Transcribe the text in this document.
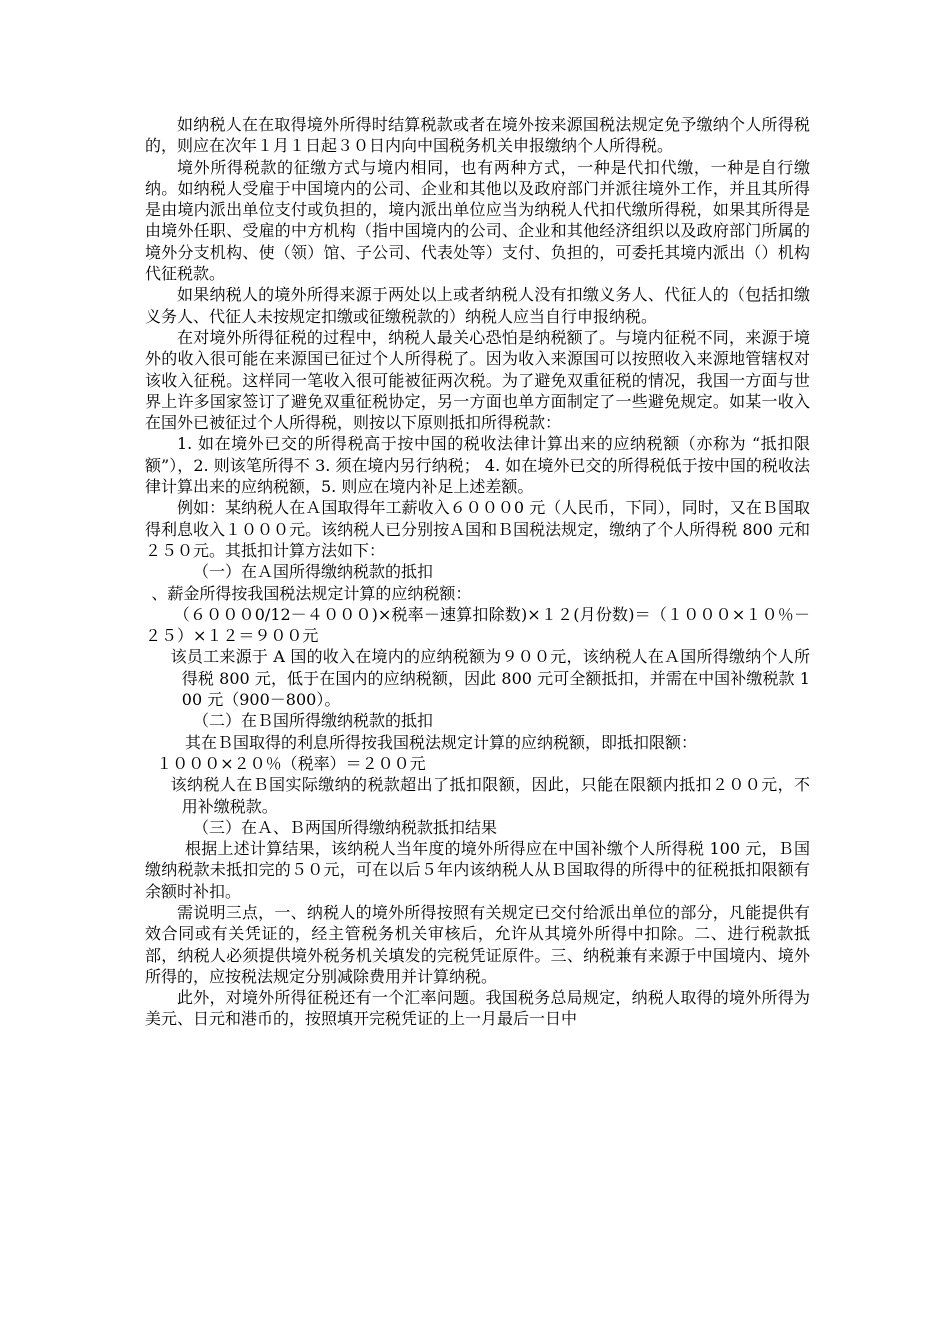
如纳税人在在取得境外所得时结算税款或者在境外按来源国税法规定免予缴纳个人所得税的，则应在次年１月１日起３０日内向中国税务机关申报缴纳个人所得税。

境外所得税款的征缴方式与境内相同，也有两种方式，一种是代扣代缴，一种是自行缴纳。如纳税人受雇于中国境内的公司、企业和其他以及政府部门并派往境外工作，并且其所得是由境内派出单位支付或负担的，境内派出单位应当为纳税人代扣代缴所得税，如果其所得是由境外任职、受雇的中方机构（指中国境内的公司、企业和其他经济组织以及政府部门所属的境外分支机构、使（领）馆、子公司、代表处等）支付、负担的，可委托其境内派出（）机构代征税款。

如果纳税人的境外所得来源于两处以上或者纳税人没有扣缴义务人、代征人的（包括扣缴义务人、代征人未按规定扣缴或征缴税款的）纳税人应当自行申报纳税。

在对境外所得征税的过程中，纳税人最关心恐怕是纳税额了。与境内征税不同，来源于境外的收入很可能在来源国已征过个人所得税了。因为收入来源国可以按照收入来源地管辖权对该收入征税。这样同一笔收入很可能被征两次税。为了避免双重征税的情况，我国一方面与世界上许多国家签订了避免双重征税协定，另一方面也单方面制定了一些避免规定。如某一收入在国外已被征过个人所得税，则按以下原则抵扣所得税款：

1. 如在境外已交的所得税高于按中国的税收法律计算出来的应纳税额（亦称为 “抵扣限额”），2. 则该笔所得不 3. 须在境内另行纳税； 4. 如在境外已交的所得税低于按中国的税收法律计算出来的应纳税额，5. 则应在境内补足上述差额。

例如：某纳税人在Ａ国取得年工薪收入６０００0 元（人民币，下同），同时，又在Ｂ国取得利息收入１０００元。该纳税人已分别按Ａ国和Ｂ国税法规定，缴纳了个人所得税 800 元和２５０元。其抵扣计算方法如下：

（一）在Ａ国所得缴纳税款的抵扣

、薪金所得按我国税法规定计算的应纳税额：

（６０００0/12－４０００)×税率－速算扣除数)×１２(月份数)＝（１０００×１０％－２５）×１２＝９００元

该员工来源于 A 国的收入在境内的应纳税额为９００元，该纳税人在Ａ国所得缴纳个人所得税 800 元，低于在国内的应纳税额，因此 800 元可全额抵扣，并需在中国补缴税款 100 元（900－800）。

（二）在Ｂ国所得缴纳税款的抵扣

其在Ｂ国取得的利息所得按我国税法规定计算的应纳税额，即抵扣限额：

１０００×２０％（税率）＝２００元

该纳税人在Ｂ国实际缴纳的税款超出了抵扣限额，因此，只能在限额内抵扣２００元，不用补缴税款。

（三）在Ａ、Ｂ两国所得缴纳税款抵扣结果

根据上述计算结果，该纳税人当年度的境外所得应在中国补缴个人所得税 100 元，Ｂ国缴纳税款未抵扣完的５０元，可在以后５年内该纳税人从Ｂ国取得的所得中的征税抵扣限额有余额时补扣。

需说明三点，一、纳税人的境外所得按照有关规定已交付给派出单位的部分，凡能提供有效合同或有关凭证的，经主管税务机关审核后，允许从其境外所得中扣除。二、进行税款抵部，纳税人必须提供境外税务机关填发的完税凭证原件。三、纳税兼有来源于中国境内、境外所得的，应按税法规定分别减除费用并计算纳税。

此外，对境外所得征税还有一个汇率问题。我国税务总局规定，纳税人取得的境外所得为美元、日元和港币的，按照填开完税凭证的上一月最后一日中
